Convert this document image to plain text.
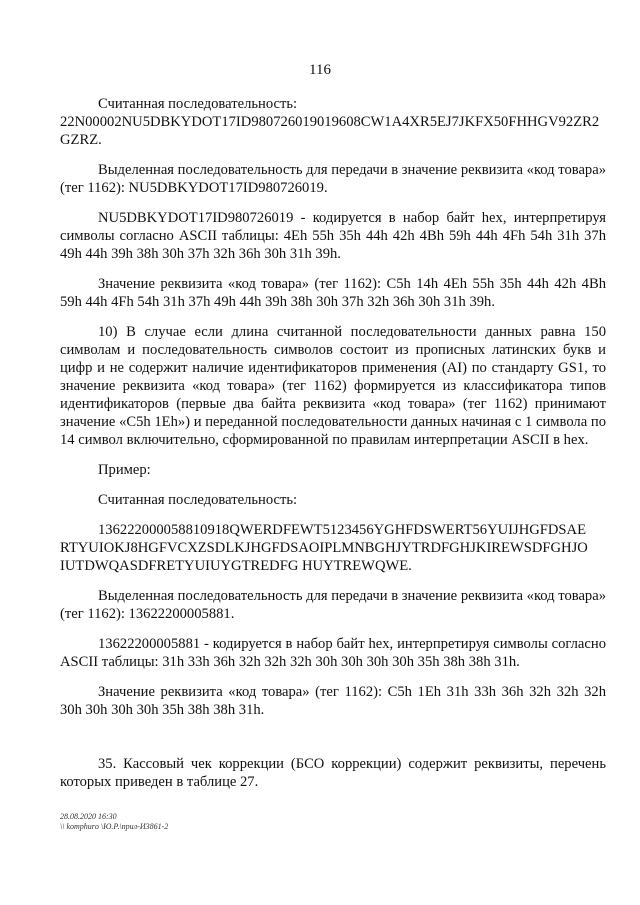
116

Считанная последовательность:

22N00002NU5DBKYDOT17ID980726019019608CW1A4XR5EJ7JKFX50FHHGV92ZR2GZRZ.

Выделенная последовательность для передачи в значение реквизита «код товара» (тег 1162): NU5DBKYDOT17ID980726019.

NU5DBKYDOT17ID980726019 - кодируется в набор байт hex, интерпретируя символы согласно ASCII таблицы: 4Eh 55h 35h 44h 42h 4Bh 59h 44h 4Fh 54h 31h 37h 49h 44h 39h 38h 30h 37h 32h 36h 30h 31h 39h.

Значение реквизита «код товара» (тег 1162): C5h 14h 4Eh 55h 35h 44h 42h 4Bh 59h 44h 4Fh 54h 31h 37h 49h 44h 39h 38h 30h 37h 32h 36h 30h 31h 39h.

10) В случае если длина считанной последовательности данных равна 150 символам и последовательность символов состоит из прописных латинских букв и цифр и не содержит наличие идентификаторов применения (AI) по стандарту GS1, то значение реквизита «код товара» (тег 1162) формируется из классификатора типов идентификаторов (первые два байта реквизита «код товара» (тег 1162) принимают значение «C5h 1Eh») и переданной последовательности данных начиная с 1 символа по 14 символ включительно, сформированной по правилам интерпретации ASCII в hex.

Пример:

Считанная последовательность:

136222000058810918QWERDFEWT5123456YGHFDSWERT56YUIJHGFDSAE
RTYUIOKJ8HGFVCXZSDLKJHGFDSAOIPLMNBGHJYTRDFGHJKIREWSDFGHJO
IUTDWQASDFRETYUIUYGTREDFG HUYTREWQWE.

Выделенная последовательность для передачи в значение реквизита «код товара» (тег 1162): 13622200005881.

13622200005881 - кодируется в набор байт hex, интерпретируя символы согласно ASCII таблицы: 31h 33h 36h 32h 32h 32h 30h 30h 30h 30h 35h 38h 38h 31h.

Значение реквизита «код товара» (тег 1162): C5h 1Eh 31h 33h 36h 32h 32h 32h 30h 30h 30h 30h 35h 38h 38h 31h.

35. Кассовый чек коррекции (БСО коррекции) содержит реквизиты, перечень которых приведен в таблице 27.

28.08.2020 16:30
\\ komphurо \Ю.Р.\прил-И3861-2
